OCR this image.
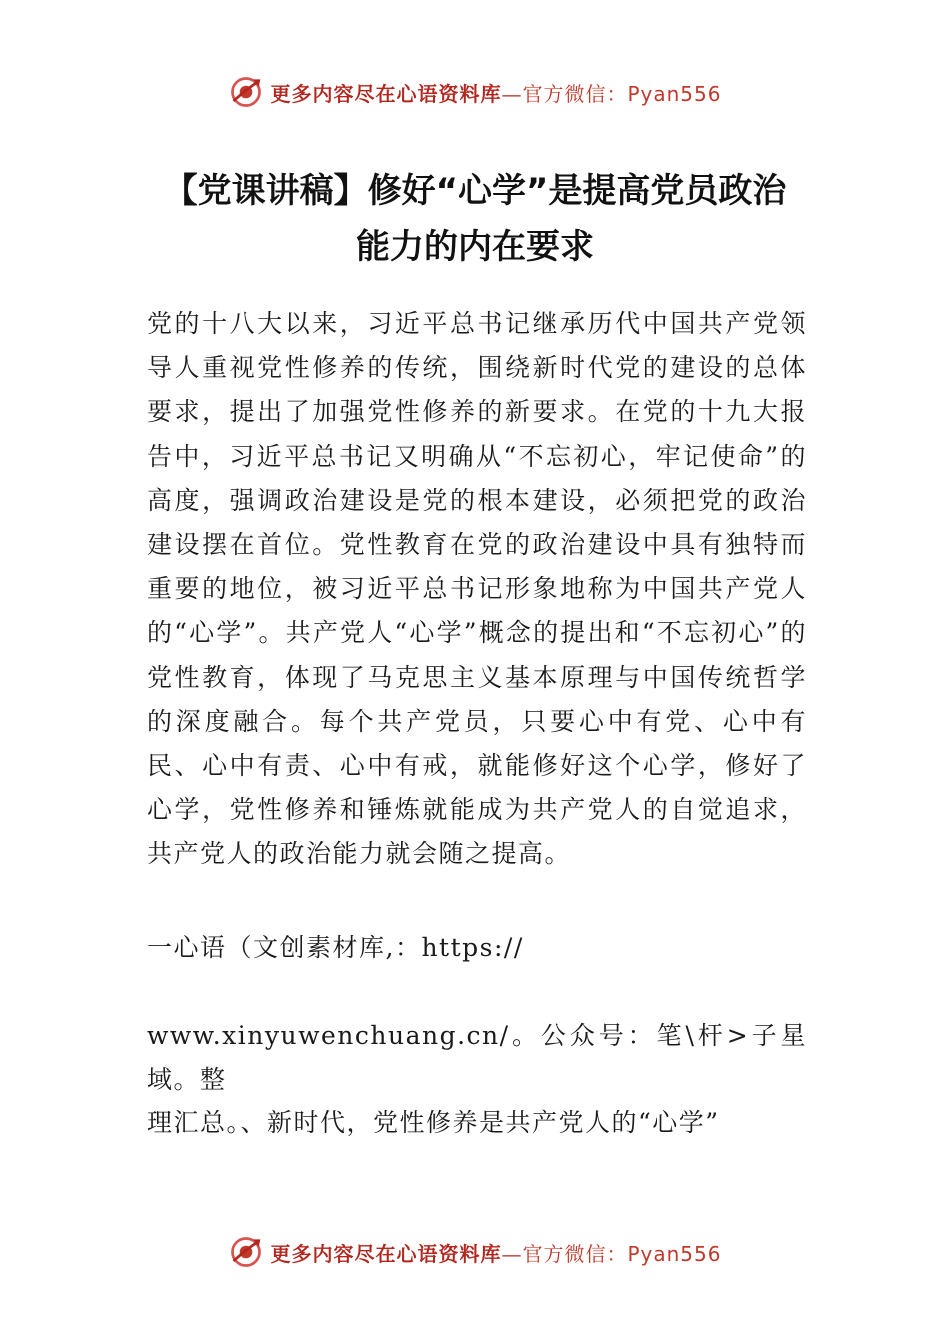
更多内容尽在心语资料库—官方微信：Pyan556
【党课讲稿】修好“心学”是提高党员政治
能力的内在要求

党的十八大以来，习近平总书记继承历代中国共产党领导人重视党性修养的传统，围绕新时代党的建设的总体要求，提出了加强党性修养的新要求。在党的十九大报告中，习近平总书记又明确从“不忘初心，牢记使命”的高度，强调政治建设是党的根本建设，必须把党的政治建设摆在首位。党性教育在党的政治建设中具有独特而重要的地位，被习近平总书记形象地称为中国共产党人的“心学”。共产党人“心学”概念的提出和“不忘初心”的党性教育，体现了马克思主义基本原理与中国传统哲学的深度融合。每个共产党员，只要心中有党、心中有民、心中有责、心中有戒，就能修好这个心学，修好了心学，党性修养和锤炼就能成为共产党人的自觉追求，共产党人的政治能力就会随之提高。

一心语（文创素材库,：https://

www.xinyuwenchuang.cn/。公众号：笔\杆>子星域。整

理汇总。、新时代，党性修养是共产党人的“心学”

更多内容尽在心语资料库—官方微信：Pyan556
